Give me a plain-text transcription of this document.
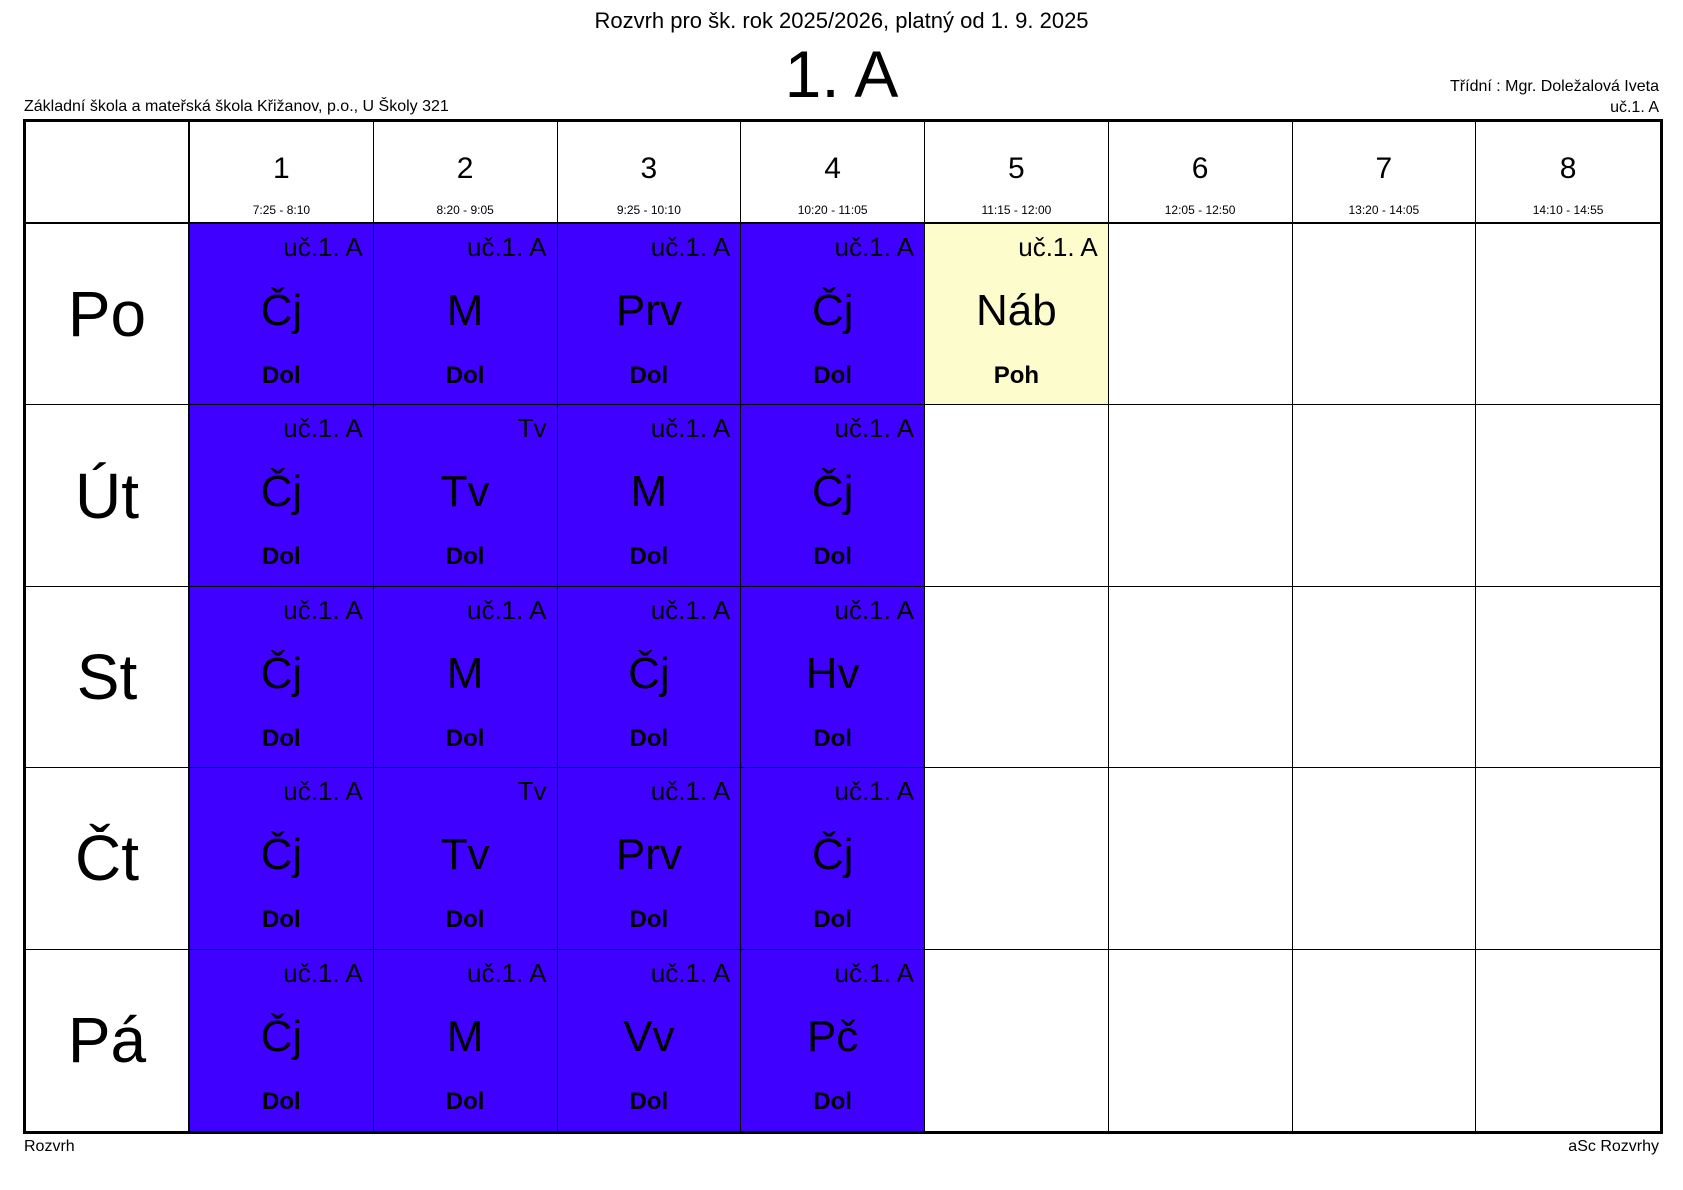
Rozvrh pro šk. rok 2025/2026, platný od 1. 9. 2025
1. A
Základní škola a mateřská škola Křižanov, p.o., U Školy 321
Třídní : Mgr. Doležalová Iveta
uč.1. A
1
7:25 - 8:10
2
8:20 - 9:05
3
9:25 - 10:10
4
10:20 - 11:05
5
11:15 - 12:00
6
12:05 - 12:50
7
13:20 - 14:05
8
14:10 - 14:55
Po
uč.1. A
Čj
Dol
uč.1. A
M
Dol
uč.1. A
Prv
Dol
uč.1. A
Čj
Dol
uč.1. A
Náb
Poh
Út
uč.1. A
Čj
Dol
Tv
Tv
Dol
uč.1. A
M
Dol
uč.1. A
Čj
Dol
St
uč.1. A
Čj
Dol
uč.1. A
M
Dol
uč.1. A
Čj
Dol
uč.1. A
Hv
Dol
Čt
uč.1. A
Čj
Dol
Tv
Tv
Dol
uč.1. A
Prv
Dol
uč.1. A
Čj
Dol
Pá
uč.1. A
Čj
Dol
uč.1. A
M
Dol
uč.1. A
Vv
Dol
uč.1. A
Pč
Dol
Rozvrh	aSc Rozvrhy
